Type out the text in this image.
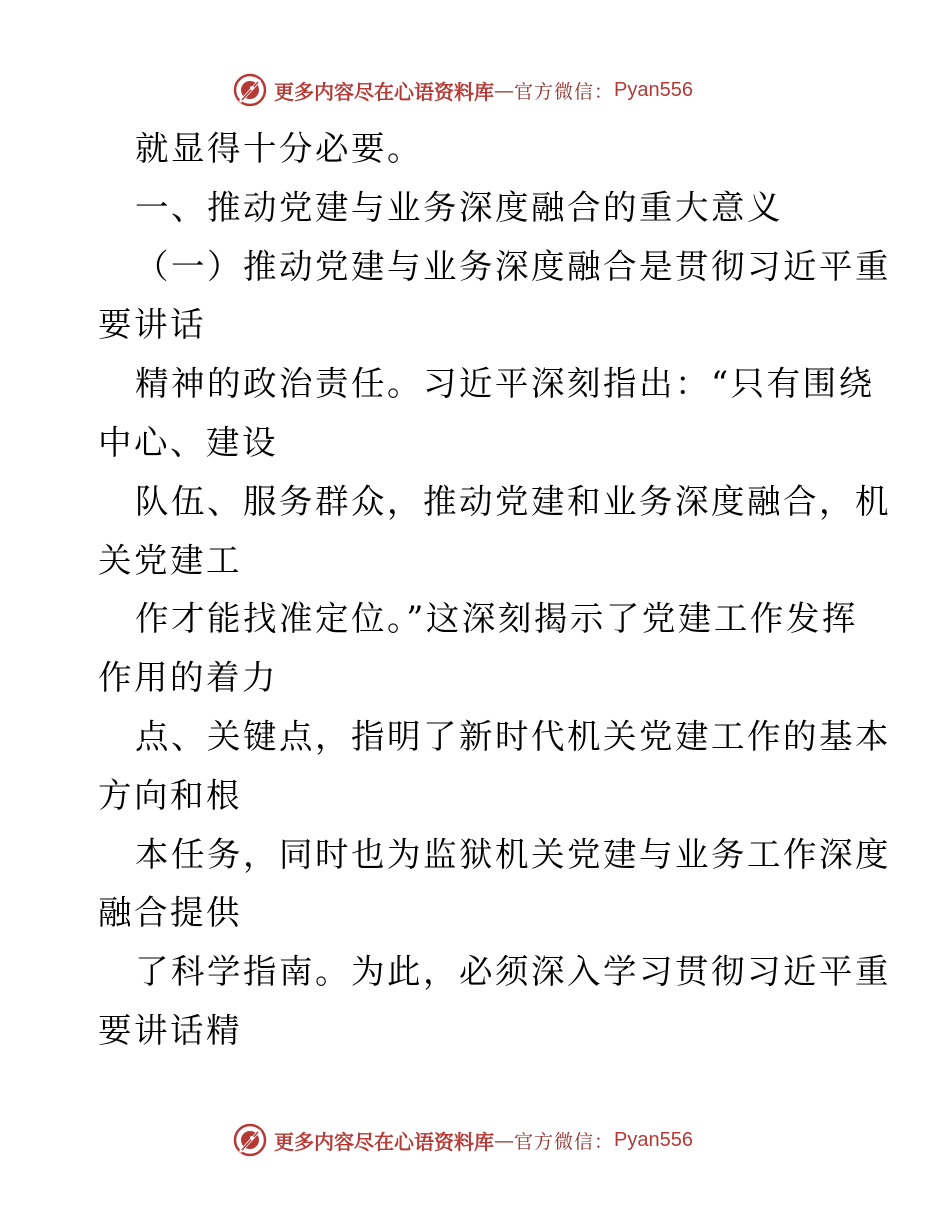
更多内容尽在心语资料库 — 官方微信： Pyan556
就显得十分必要。
一、推动党建与业务深度融合的重大意义
（一）推动党建与业务深度融合是贯彻习近平重
要讲话
精神的政治责任。习近平深刻指出：“只有围绕
中心、建设
队伍、服务群众，推动党建和业务深度融合，机
关党建工
作才能找准定位。”这深刻揭示了党建工作发挥
作用的着力
点、关键点，指明了新时代机关党建工作的基本
方向和根
本任务，同时也为监狱机关党建与业务工作深度
融合提供
了科学指南。为此，必须深入学习贯彻习近平重
要讲话精
更多内容尽在心语资料库 — 官方微信： Pyan556
